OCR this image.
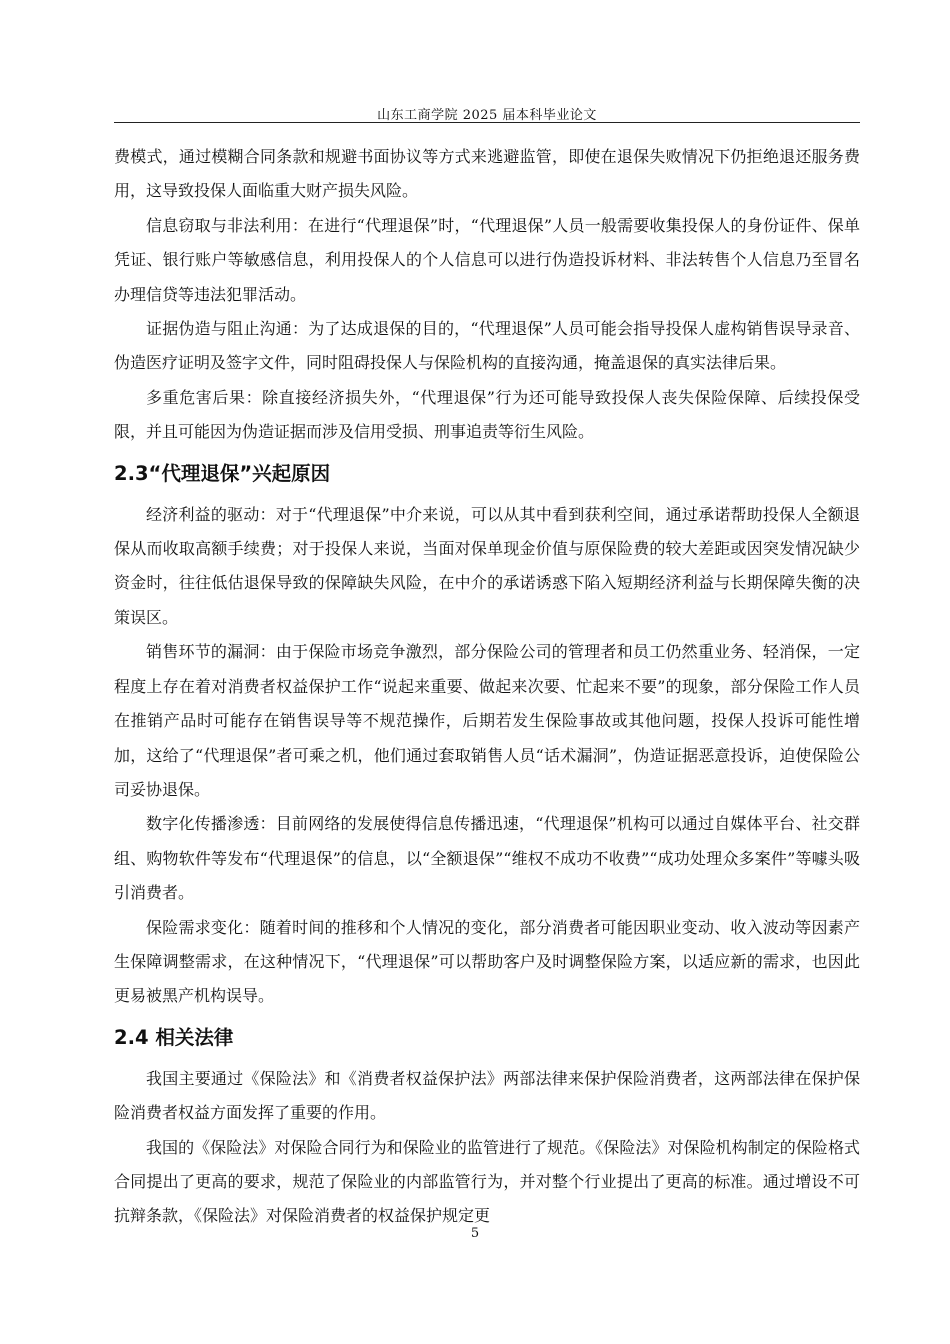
山东工商学院 2025 届本科毕业论文

费模式，通过模糊合同条款和规避书面协议等方式来逃避监管，即使在退保失败情况下仍拒绝退还服务费用，这导致投保人面临重大财产损失风险。

信息窃取与非法利用：在进行“代理退保”时，“代理退保”人员一般需要收集投保人的身份证件、保单凭证、银行账户等敏感信息，利用投保人的个人信息可以进行伪造投诉材料、非法转售个人信息乃至冒名办理信贷等违法犯罪活动。

证据伪造与阻止沟通：为了达成退保的目的，“代理退保”人员可能会指导投保人虚构销售误导录音、伪造医疗证明及签字文件，同时阻碍投保人与保险机构的直接沟通，掩盖退保的真实法律后果。

多重危害后果：除直接经济损失外，“代理退保”行为还可能导致投保人丧失保险保障、后续投保受限，并且可能因为伪造证据而涉及信用受损、刑事追责等衍生风险。

2.3“代理退保”兴起原因

经济利益的驱动：对于“代理退保”中介来说，可以从其中看到获利空间，通过承诺帮助投保人全额退保从而收取高额手续费；对于投保人来说，当面对保单现金价值与原保险费的较大差距或因突发情况缺少资金时，往往低估退保导致的保障缺失风险，在中介的承诺诱惑下陷入短期经济利益与长期保障失衡的决策误区。

销售环节的漏洞：由于保险市场竞争激烈，部分保险公司的管理者和员工仍然重业务、轻消保，一定程度上存在着对消费者权益保护工作“说起来重要、做起来次要、忙起来不要”的现象，部分保险工作人员在推销产品时可能存在销售误导等不规范操作，后期若发生保险事故或其他问题，投保人投诉可能性增加，这给了“代理退保”者可乘之机，他们通过套取销售人员“话术漏洞”，伪造证据恶意投诉，迫使保险公司妥协退保。

数字化传播渗透：目前网络的发展使得信息传播迅速，“代理退保”机构可以通过自媒体平台、社交群组、购物软件等发布“代理退保”的信息，以“全额退保”“维权不成功不收费”“成功处理众多案件”等噱头吸引消费者。

保险需求变化：随着时间的推移和个人情况的变化，部分消费者可能因职业变动、收入波动等因素产生保障调整需求，在这种情况下，“代理退保”可以帮助客户及时调整保险方案，以适应新的需求，也因此更易被黑产机构误导。

2.4 相关法律

我国主要通过《保险法》和《消费者权益保护法》两部法律来保护保险消费者，这两部法律在保护保险消费者权益方面发挥了重要的作用。

我国的《保险法》对保险合同行为和保险业的监管进行了规范。《保险法》对保险机构制定的保险格式合同提出了更高的要求，规范了保险业的内部监管行为，并对整个行业提出了更高的标准。通过增设不可抗辩条款，《保险法》对保险消费者的权益保护规定更

5
